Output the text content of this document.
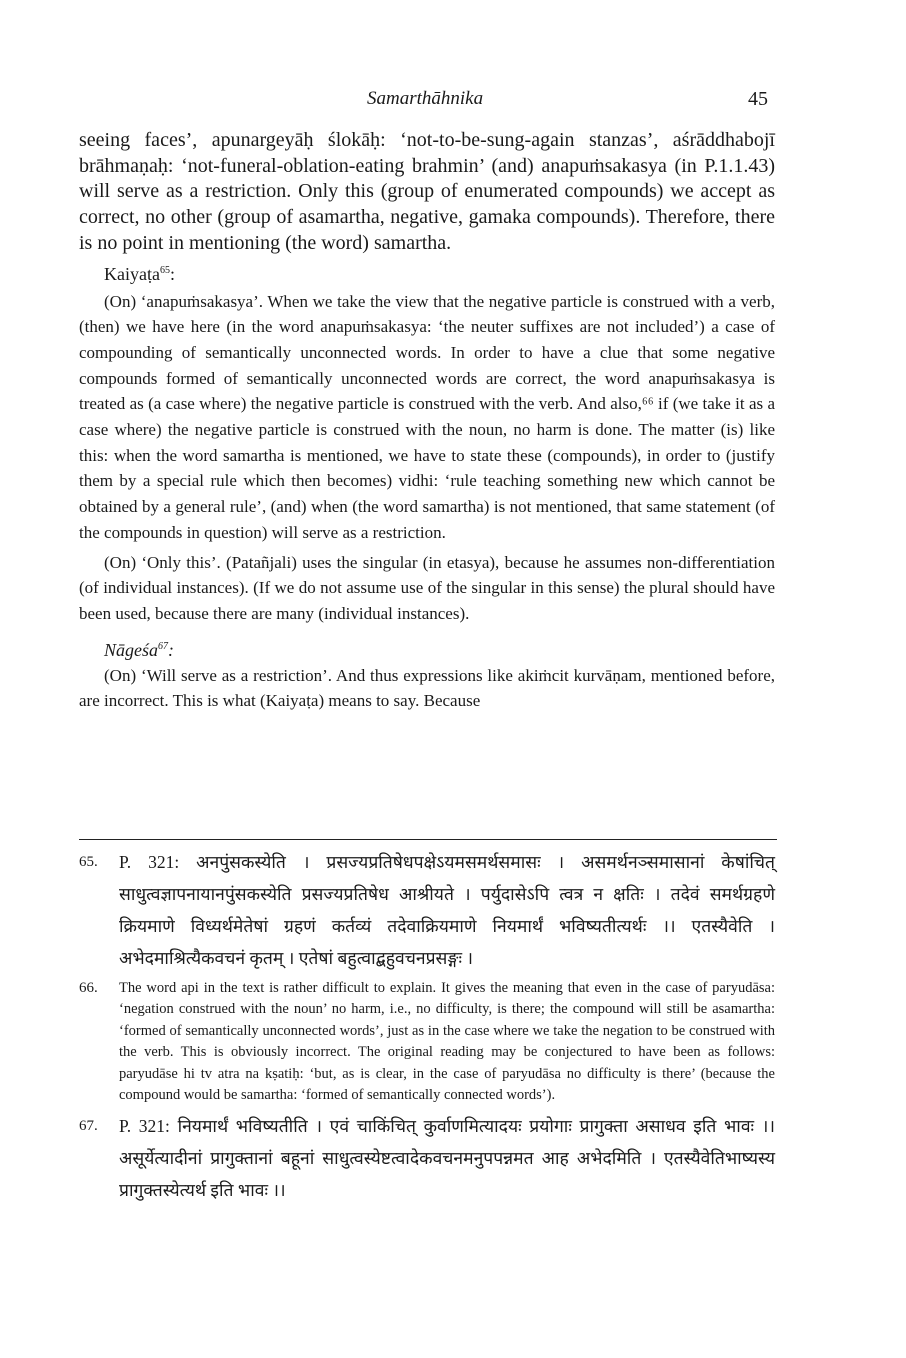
Samarthāhnika	45

seeing faces’, apunargeyāḥ ślokāḥ: ‘not-to-be-sung-again stanzas’, aśrāddhabojī brāhmaṇaḥ: ‘not-funeral-oblation-eating brahmin’ (and) anapuṁsakasya (in P.1.1.43) will serve as a restriction. Only this (group of enumerated compounds) we accept as correct, no other (group of asamartha, negative, gamaka compounds). Therefore, there is no point in mentioning (the word) samartha.

Kaiyaṭa$^{65}$:

(On) ‘anapuṁsakasya’. When we take the view that the negative particle is construed with a verb, (then) we have here (in the word anapuṁsakasya: ‘the neuter suffixes are not included’) a case of compounding of semantically unconnected words. In order to have a clue that some negative compounds formed of semantically unconnected words are correct, the word anapuṁsakasya is treated as (a case where) the negative particle is construed with the verb. And also,⁶⁶ if (we take it as a case where) the negative particle is construed with the noun, no harm is done. The matter (is) like this: when the word samartha is mentioned, we have to state these (compounds), in order to (justify them by a special rule which then becomes) vidhi: ‘rule teaching something new which cannot be obtained by a general rule’, (and) when (the word samartha) is not mentioned, that same statement (of the compounds in question) will serve as a restriction.

(On) ‘Only this’. (Patañjali) uses the singular (in etasya), because he assumes non-differentiation (of individual instances). (If we do not assume use of the singular in this sense) the plural should have been used, because there are many (individual instances).

Nāgeśa$^{67}$:

(On) ‘Will serve as a restriction’. And thus expressions like akiṁcit kurvāṇam, mentioned before, are incorrect. This is what (Kaiyaṭa) means to say. Because

65.	P. 321: अनपुंसकस्येति । प्रसज्यप्रतिषेधपक्षेऽयमसमर्थसमासः । असमर्थनञ्समासानां केषांचित् साधुत्वज्ञापनायानपुंसकस्येति प्रसज्यप्रतिषेध आश्रीयते । पर्युदासेऽपि त्वत्र न क्षतिः । तदेवं समर्थग्रहणे क्रियमाणे विध्यर्थमेतेषां ग्रहणं कर्तव्यं तदेवाक्रियमाणे नियमार्थं भविष्यतीत्यर्थः ।। एतस्यैवेति । अभेदमाश्रित्यैकवचनं कृतम् । एतेषां बहुत्वाद्बहुवचनप्रसङ्गः ।
66.	The word api in the text is rather difficult to explain. It gives the meaning that even in the case of paryudāsa: ‘negation construed with the noun’ no harm, i.e., no difficulty, is there; the compound will still be asamartha: ‘formed of semantically unconnected words’, just as in the case where we take the negation to be construed with the verb. This is obviously incorrect. The original reading may be conjectured to have been as follows: paryudāse hi tv atra na kṣatiḥ: ‘but, as is clear, in the case of paryudāsa no difficulty is there’ (because the compound would be samartha: ‘formed of semantically connected words’).
67.	P. 321: नियमार्थं भविष्यतीति । एवं चाकिंचित् कुर्वाणमित्यादयः प्रयोगाः प्रागुक्ता असाधव इति भावः ।। असूर्येत्यादीनां प्रागुक्तानां बहूनां साधुत्वस्येष्टत्वादेकवचनमनुपपन्नमत आह अभेदमिति । एतस्यैवेतिभाष्यस्य प्रागुक्तस्येत्यर्थ इति भावः ।।
